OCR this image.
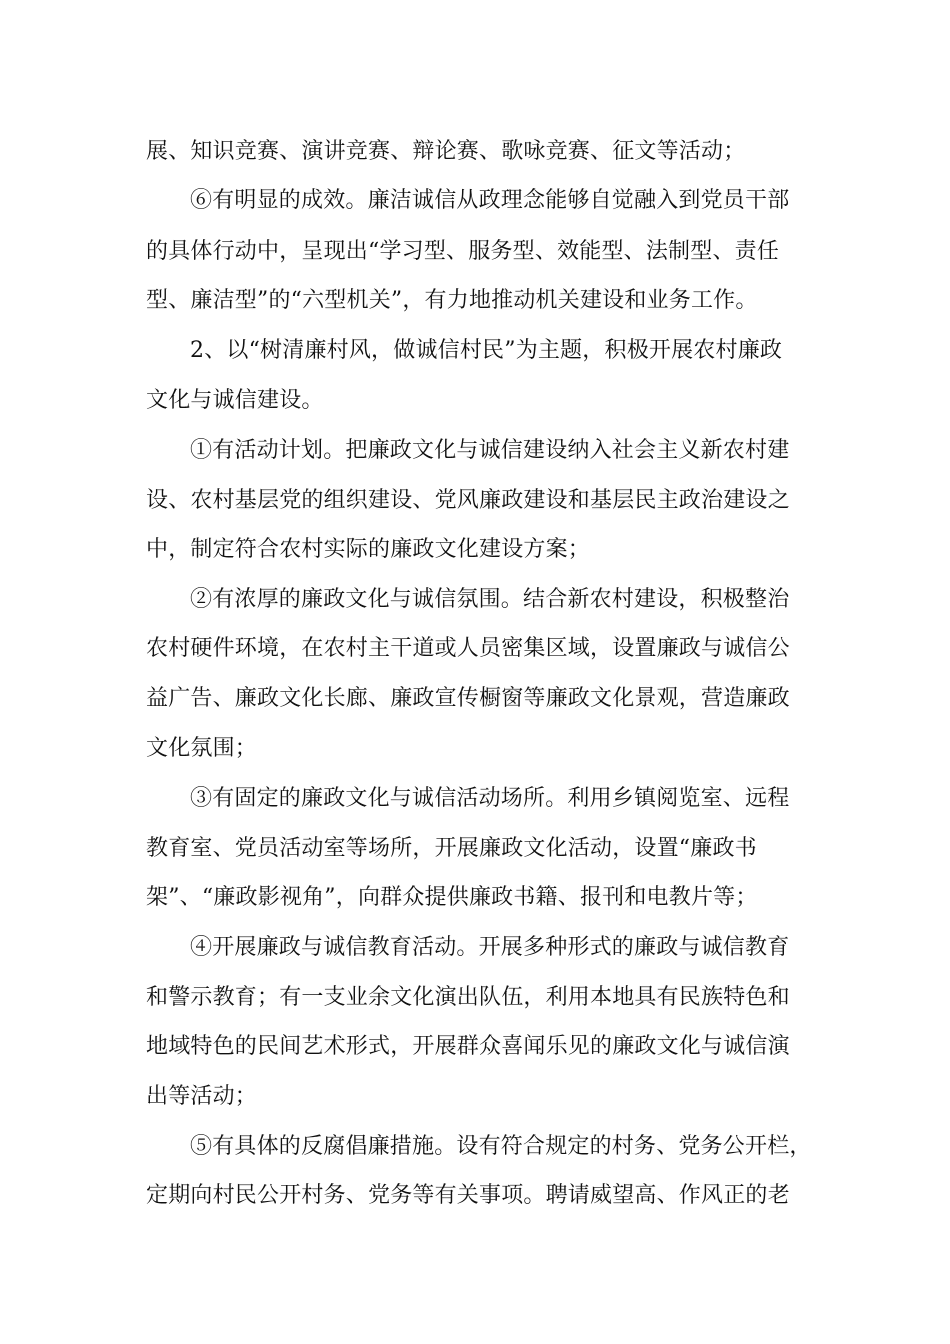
展、知识竞赛、演讲竞赛、辩论赛、歌咏竞赛、征文等活动；
⑥有明显的成效。廉洁诚信从政理念能够自觉融入到党员干部
的具体行动中，呈现出“学习型、服务型、效能型、法制型、责任
型、廉洁型”的“六型机关”，有力地推动机关建设和业务工作。
2、以“树清廉村风，做诚信村民”为主题，积极开展农村廉政
文化与诚信建设。
①有活动计划。把廉政文化与诚信建设纳入社会主义新农村建
设、农村基层党的组织建设、党风廉政建设和基层民主政治建设之
中，制定符合农村实际的廉政文化建设方案；
②有浓厚的廉政文化与诚信氛围。结合新农村建设，积极整治
农村硬件环境，在农村主干道或人员密集区域，设置廉政与诚信公
益广告、廉政文化长廊、廉政宣传橱窗等廉政文化景观，营造廉政
文化氛围；
③有固定的廉政文化与诚信活动场所。利用乡镇阅览室、远程
教育室、党员活动室等场所，开展廉政文化活动，设置“廉政书
架”、“廉政影视角”，向群众提供廉政书籍、报刊和电教片等；
④开展廉政与诚信教育活动。开展多种形式的廉政与诚信教育
和警示教育；有一支业余文化演出队伍，利用本地具有民族特色和
地域特色的民间艺术形式，开展群众喜闻乐见的廉政文化与诚信演
出等活动；
⑤有具体的反腐倡廉措施。设有符合规定的村务、党务公开栏，
定期向村民公开村务、党务等有关事项。聘请威望高、作风正的老
